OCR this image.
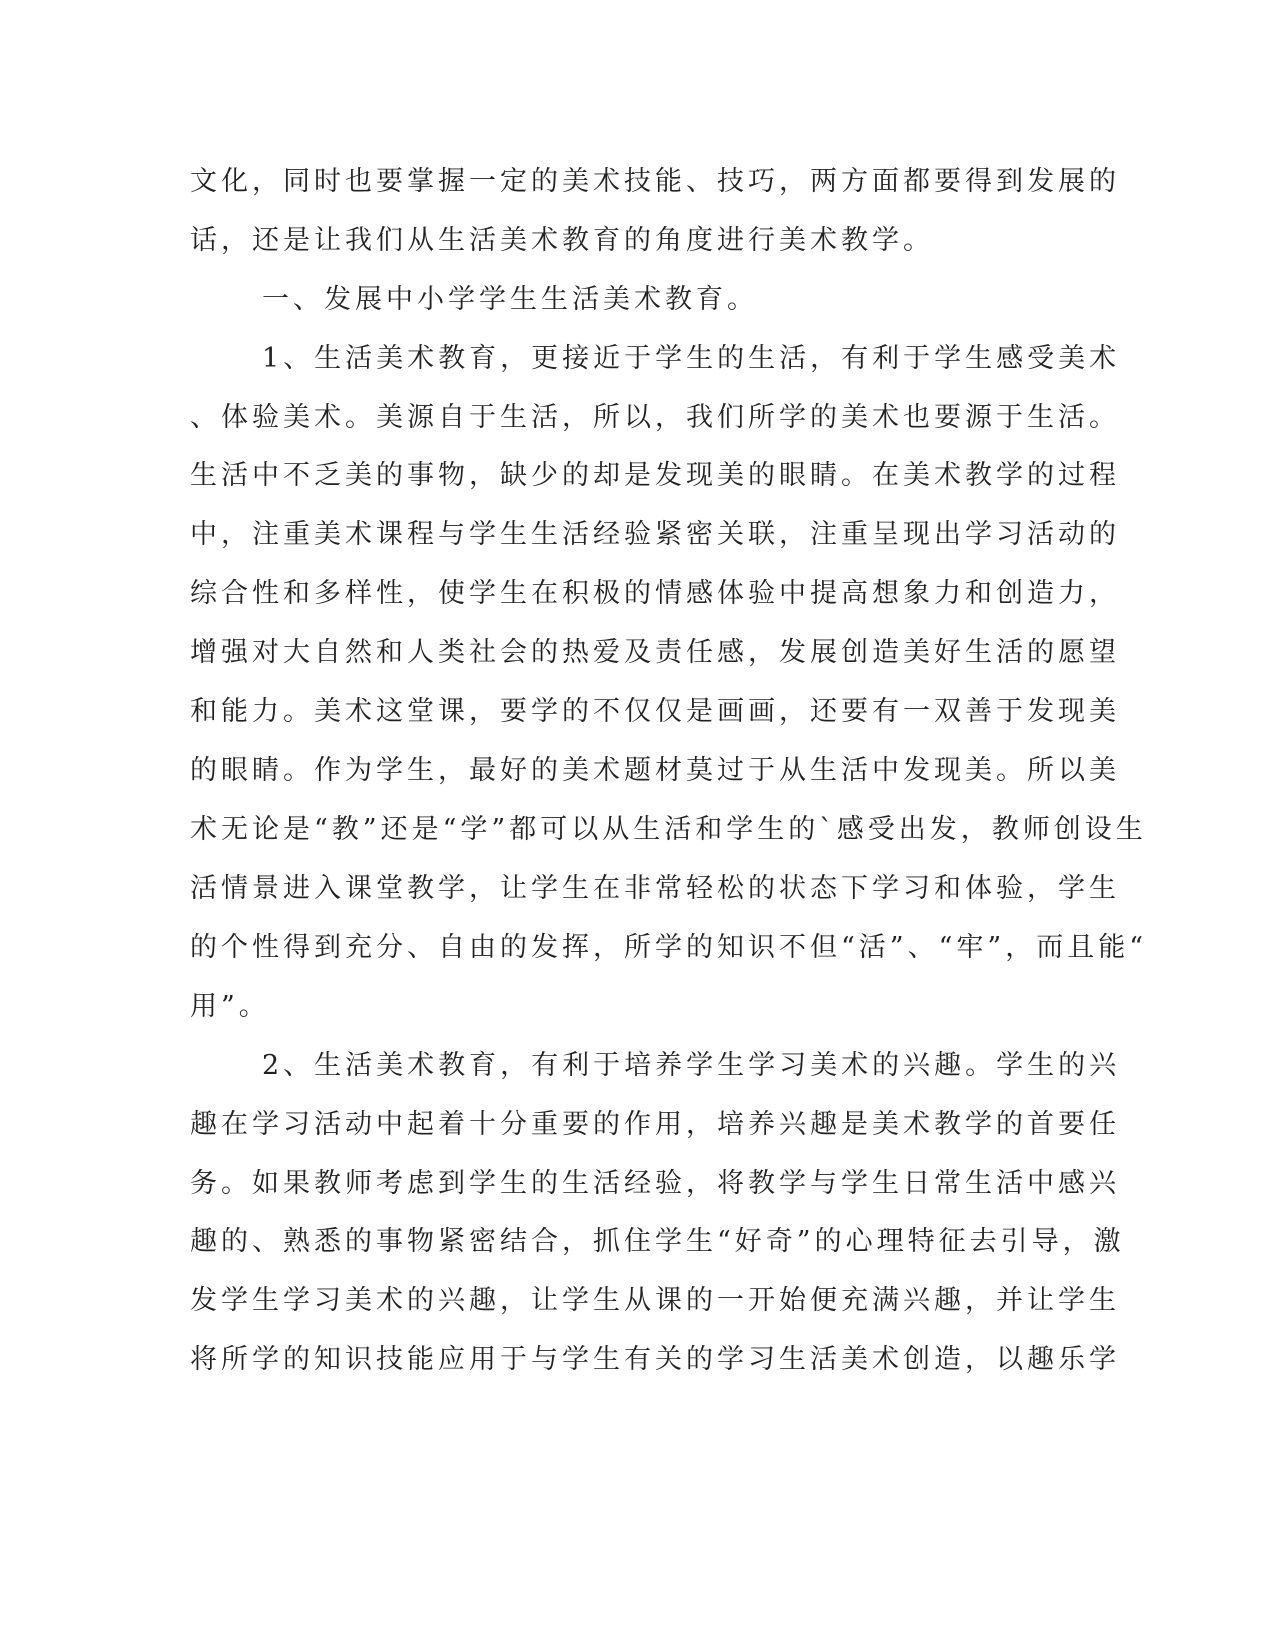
文化，同时也要掌握一定的美术技能、技巧，两方面都要得到发展的
话，还是让我们从生活美术教育的角度进行美术教学。
一、发展中小学学生生活美术教育。
1、生活美术教育，更接近于学生的生活，有利于学生感受美术
、体验美术。美源自于生活，所以，我们所学的美术也要源于生活。
生活中不乏美的事物，缺少的却是发现美的眼睛。在美术教学的过程
中，注重美术课程与学生生活经验紧密关联，注重呈现出学习活动的
综合性和多样性，使学生在积极的情感体验中提高想象力和创造力，
增强对大自然和人类社会的热爱及责任感，发展创造美好生活的愿望
和能力。美术这堂课，要学的不仅仅是画画，还要有一双善于发现美
的眼睛。作为学生，最好的美术题材莫过于从生活中发现美。所以美
术无论是“教”还是“学”都可以从生活和学生的`感受出发，教师创设生
活情景进入课堂教学，让学生在非常轻松的状态下学习和体验，学生
的个性得到充分、自由的发挥，所学的知识不但“活”、“牢”，而且能“
用”。
2、生活美术教育，有利于培养学生学习美术的兴趣。学生的兴
趣在学习活动中起着十分重要的作用，培养兴趣是美术教学的首要任
务。如果教师考虑到学生的生活经验，将教学与学生日常生活中感兴
趣的、熟悉的事物紧密结合，抓住学生“好奇”的心理特征去引导，激
发学生学习美术的兴趣，让学生从课的一开始便充满兴趣，并让学生
将所学的知识技能应用于与学生有关的学习生活美术创造，以趣乐学
